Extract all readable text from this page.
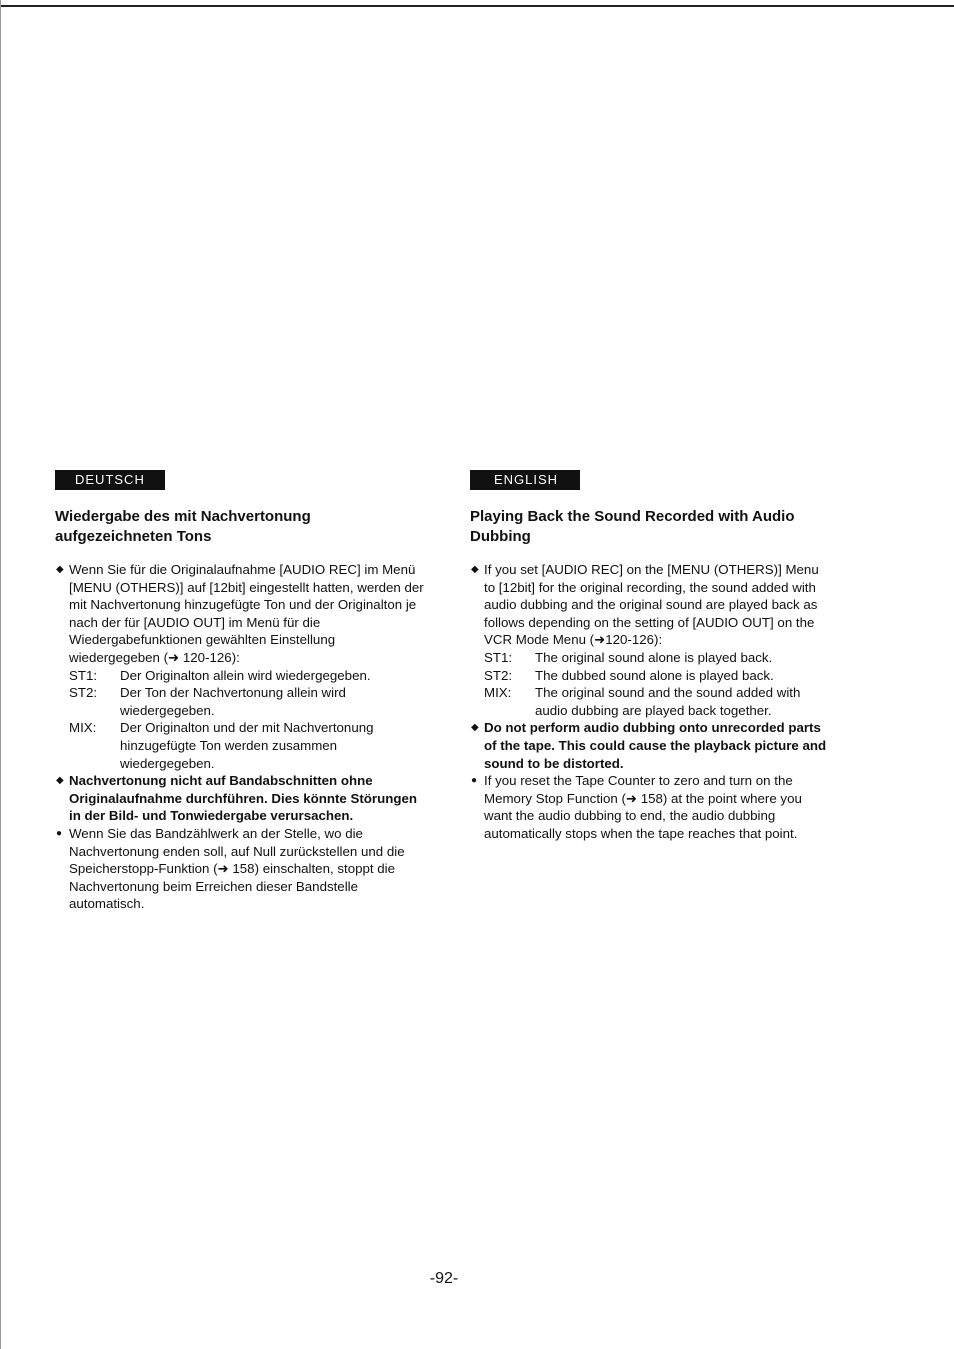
DEUTSCH
Wiedergabe des mit Nachvertonung aufgezeichneten Tons
◆ Wenn Sie für die Originalaufnahme [AUDIO REC] im Menü [MENU (OTHERS)] auf [12bit] eingestellt hatten, werden der mit Nachvertonung hinzugefügte Ton und der Originalton je nach der für [AUDIO OUT] im Menü für die Wiedergabefunktionen gewählten Einstellung wiedergegeben (➜ 120-126):
ST1:	Der Originalton allein wird wiedergegeben.
ST2:	Der Ton der Nachvertonung allein wird wiedergegeben.
MIX:	Der Originalton und der mit Nachvertonung hinzugefügte Ton werden zusammen wiedergegeben.
◆ Nachvertonung nicht auf Bandabschnitten ohne Originalaufnahme durchführen. Dies könnte Störungen in der Bild- und Tonwiedergabe verursachen.
● Wenn Sie das Bandzählwerk an der Stelle, wo die Nachvertonung enden soll, auf Null zurückstellen und die Speicherstopp-Funktion (➜ 158) einschalten, stoppt die Nachvertonung beim Erreichen dieser Bandstelle automatisch.
ENGLISH
Playing Back the Sound Recorded with Audio Dubbing
◆ If you set [AUDIO REC] on the [MENU (OTHERS)] Menu to [12bit] for the original recording, the sound added with audio dubbing and the original sound are played back as follows depending on the setting of [AUDIO OUT] on the VCR Mode Menu (➜120-126):
ST1:	The original sound alone is played back.
ST2:	The dubbed sound alone is played back.
MIX:	The original sound and the sound added with audio dubbing are played back together.
◆ Do not perform audio dubbing onto unrecorded parts of the tape. This could cause the playback picture and sound to be distorted.
● If you reset the Tape Counter to zero and turn on the Memory Stop Function (➜ 158) at the point where you want the audio dubbing to end, the audio dubbing automatically stops when the tape reaches that point.
-92-
